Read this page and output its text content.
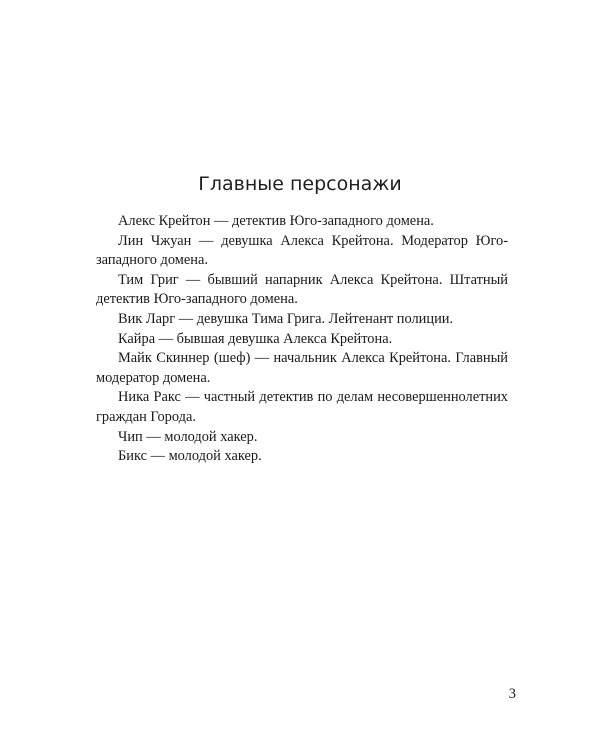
Главные персонажи

Алекс Крейтон — детектив Юго-западного домена.

Лин Чжуан — девушка Алекса Крейтона. Модератор Юго-западного домена.

Тим Григ — бывший напарник Алекса Крейтона. Штатный детектив Юго-западного домена.

Вик Ларг — девушка Тима Грига. Лейтенант полиции.

Кайра — бывшая девушка Алекса Крейтона.

Майк Скиннер (шеф) — начальник Алекса Крейтона. Главный модератор домена.

Ника Ракс — частный детектив по делам несовершеннолетних граждан Города.

Чип — молодой хакер.

Бикс — молодой хакер.

3
